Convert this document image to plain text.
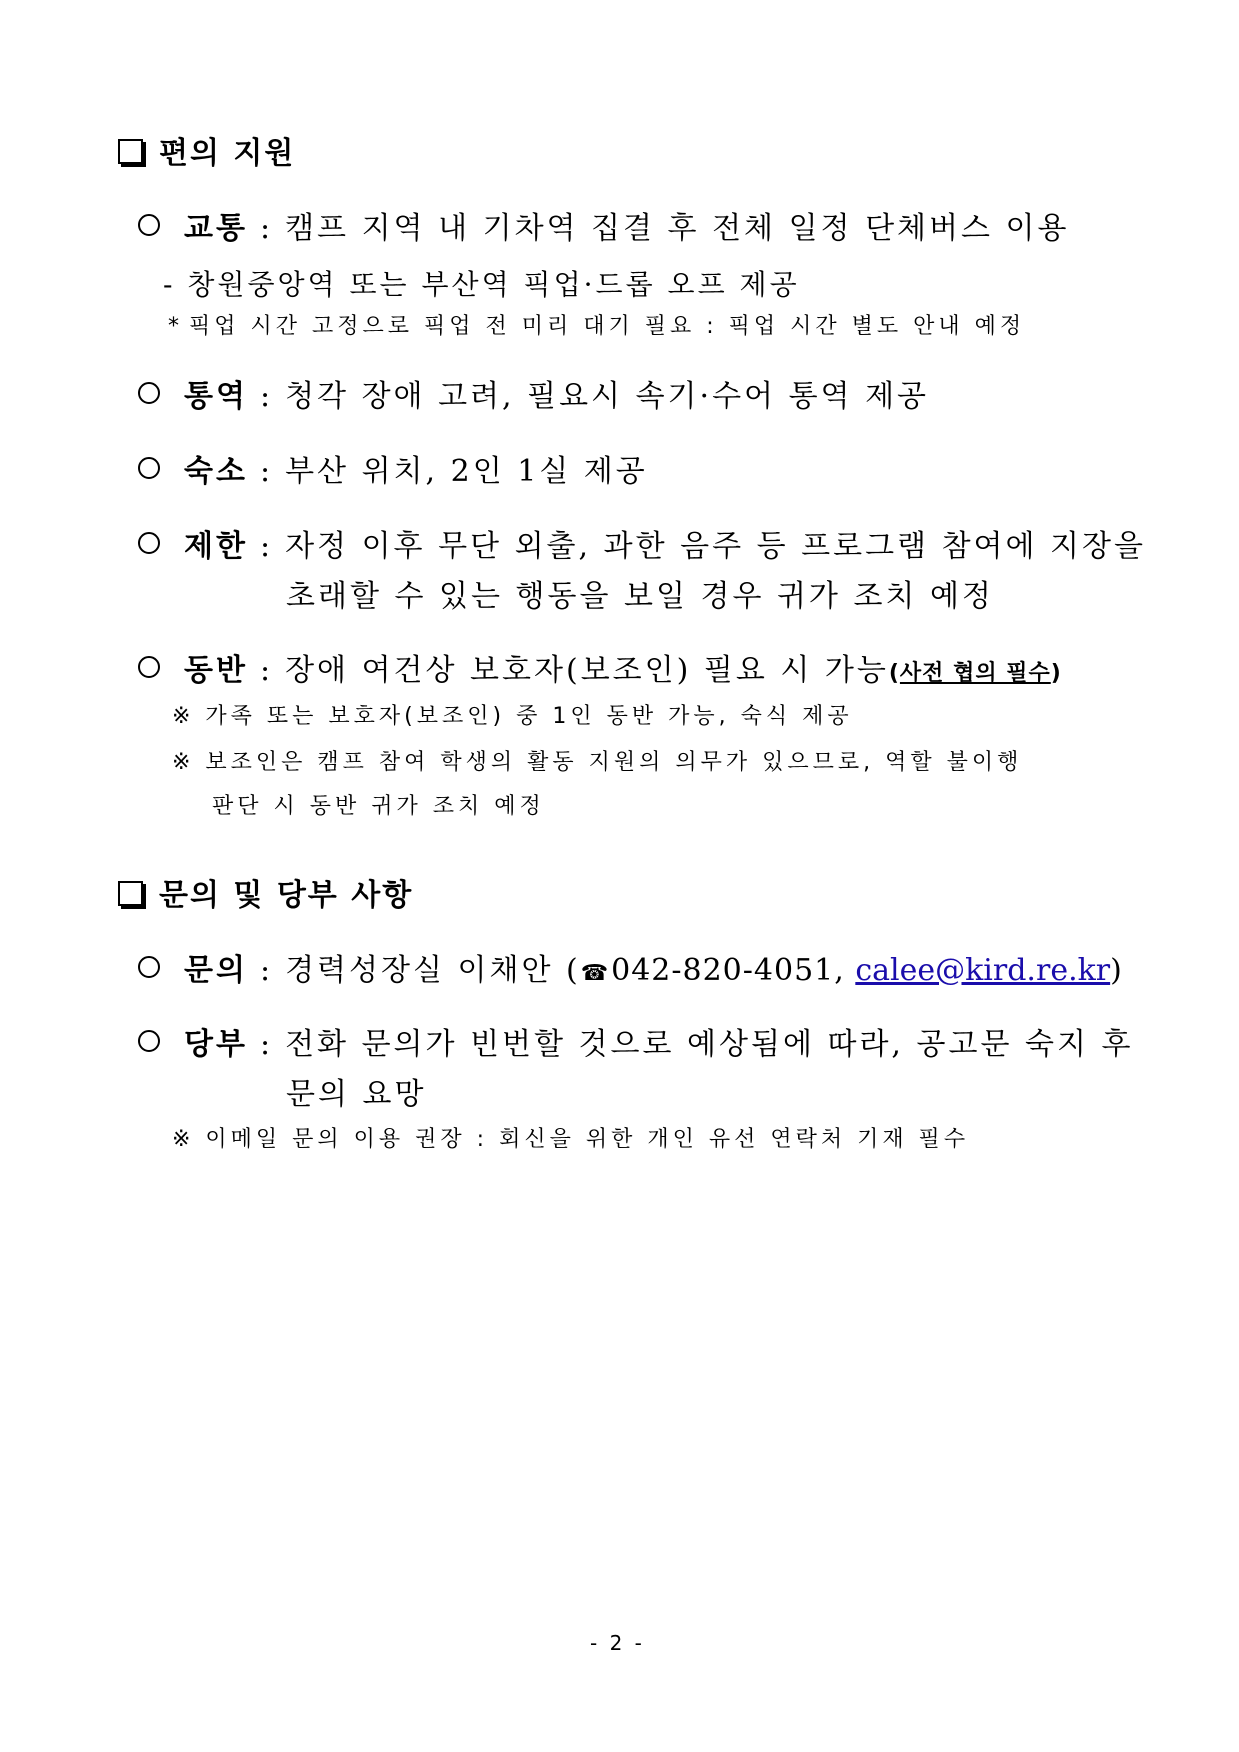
편의 지원
교통 : 캠프 지역 내 기차역 집결 후 전체 일정 단체버스 이용
- 창원중앙역 또는 부산역 픽업·드롭 오프 제공
* 픽업 시간 고정으로 픽업 전 미리 대기 필요 : 픽업 시간 별도 안내 예정
통역 : 청각 장애 고려, 필요시 속기·수어 통역 제공
숙소 : 부산 위치, 2인 1실 제공
제한 : 자정 이후 무단 외출, 과한 음주 등 프로그램 참여에 지장을
초래할 수 있는 행동을 보일 경우 귀가 조치 예정
동반 : 장애 여건상 보호자(보조인) 필요 시 가능(사전 협의 필수)
※ 가족 또는 보호자(보조인) 중 1인 동반 가능, 숙식 제공
※ 보조인은 캠프 참여 학생의 활동 지원의 의무가 있으므로, 역할 불이행
판단 시 동반 귀가 조치 예정
문의 및 당부 사항
문의 : 경력성장실 이채안 (☎042-820-4051, calee@kird.re.kr)
당부 : 전화 문의가 빈번할 것으로 예상됨에 따라, 공고문 숙지 후
문의 요망
※ 이메일 문의 이용 권장 : 회신을 위한 개인 유선 연락처 기재 필수
- 2 -
